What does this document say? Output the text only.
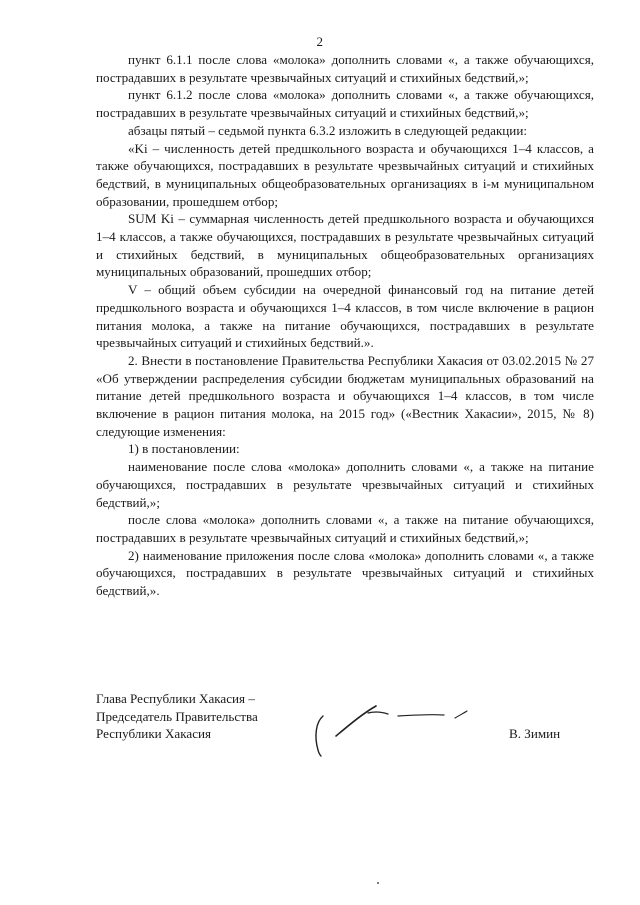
2

пункт 6.1.1 после слова «молока» дополнить словами «, а также обучающихся, пострадавших в результате чрезвычайных ситуаций и стихийных бедствий,»;

пункт 6.1.2 после слова «молока» дополнить словами «, а также обучающихся, пострадавших в результате чрезвычайных ситуаций и стихийных бедствий,»;

абзацы пятый – седьмой пункта 6.3.2 изложить в следующей редакции:

«Ki – численность детей предшкольного возраста и обучающихся 1–4 классов, а также обучающихся, пострадавших в результате чрезвычайных ситуаций и стихийных бедствий, в муниципальных общеобразовательных организациях в i-м муниципальном образовании, прошедшем отбор;

SUM Ki – суммарная численность детей предшкольного возраста и обучающихся 1–4 классов, а также обучающихся, пострадавших в результате чрезвычайных ситуаций и стихийных бедствий, в муниципальных общеобразовательных организациях муниципальных образований, прошедших отбор;

V – общий объем субсидии на очередной финансовый год на питание детей предшкольного возраста и обучающихся 1–4 классов, в том числе включение в рацион питания молока, а также на питание обучающихся, пострадавших в результате чрезвычайных ситуаций и стихийных бедствий.».

2. Внести в постановление Правительства Республики Хакасия от 03.02.2015 № 27 «Об утверждении распределения субсидии бюджетам муниципальных образований на питание детей предшкольного возраста и обучающихся 1–4 классов, в том числе включение в рацион питания молока, на 2015 год» («Вестник Хакасии», 2015, № 8) следующие изменения:

1) в постановлении:

наименование после слова «молока» дополнить словами «, а также на питание обучающихся, пострадавших в результате чрезвычайных ситуаций и стихийных бедствий,»;

после слова «молока» дополнить словами «, а также на питание обучающихся, пострадавших в результате чрезвычайных ситуаций и стихийных бедствий,»;

2) наименование приложения после слова «молока» дополнить словами «, а также обучающихся, пострадавших в результате чрезвычайных ситуаций и стихийных бедствий,».

Глава Республики Хакасия –
Председатель Правительства
Республики Хакасия	В. Зимин
